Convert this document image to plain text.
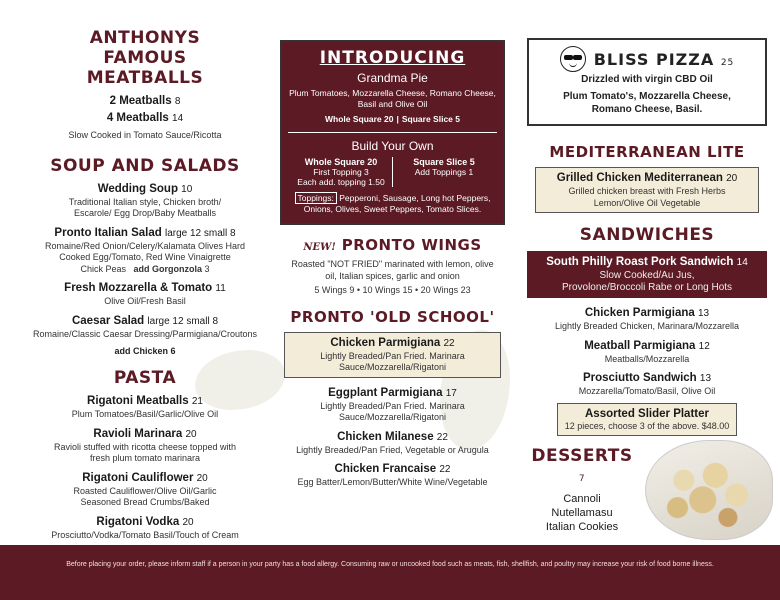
ANTHONYS FAMOUS MEATBALLS
2 Meatballs 8
4 Meatballs 14
Slow Cooked in Tomato Sauce/Ricotta
SOUP AND SALADS
Wedding Soup 10
Traditional Italian style, Chicken broth/ Escarole/ Egg Drop/Baby Meatballs
Pronto Italian Salad large 12 small 8
Romaine/Red Onion/Celery/Kalamata Olives Hard Cooked Egg/Tomato, Red Wine Vinaigrette
Chick Peas add Gorgonzola 3
Fresh Mozzarella & Tomato 11
Olive Oil/Fresh Basil
Caesar Salad large 12 small 8
Romaine/Classic Caesar Dressing/Parmigiana/Croutons
add Chicken 6
PASTA
Rigatoni Meatballs 21
Plum Tomatoes/Basil/Garlic/Olive Oil
Ravioli Marinara 20
Ravioli stuffed with ricotta cheese topped with fresh plum tomato marinara
Rigatoni Cauliflower 20
Roasted Cauliflower/Olive Oil/Garlic Seasoned Bread Crumbs/Baked
Rigatoni Vodka 20
Prosciutto/Vodka/Tomato Basil/Touch of Cream
INTRODUCING
Grandma Pie
Plum Tomatoes, Mozzarella Cheese, Romano Cheese, Basil and Olive Oil
Whole Square 20 | Square Slice 5
Build Your Own
Whole Square 20
First Topping 3
Each add. topping 1.50
Square Slice 5
Add Toppings 1
Toppings: Pepperoni, Sausage, Long hot Peppers, Onions, Olives, Sweet Peppers, Tomato Slices.
NEW! PRONTO WINGS
Roasted "NOT FRIED" marinated with lemon, olive oil, Italian spices, garlic and onion
5 Wings 9 • 10 Wings 15 • 20 Wings 23
PRONTO 'OLD SCHOOL'
Chicken Parmigiana 22
Lightly Breaded/Pan Fried. Marinara Sauce/Mozzarella/Rigatoni
Eggplant Parmigiana 17
Lightly Breaded/Pan Fried. Marinara Sauce/Mozzarella/Rigatoni
Chicken Milanese 22
Lightly Breaded/Pan Fried, Vegetable or Arugula
Chicken Francaise 22
Egg Batter/Lemon/Butter/White Wine/Vegetable
BLISS PIZZA 25
Drizzled with virgin CBD Oil
Plum Tomato's, Mozzarella Cheese, Romano Cheese, Basil.
MEDITERRANEAN LITE
Grilled Chicken Mediterranean 20
Grilled chicken breast with Fresh Herbs Lemon/Olive Oil Vegetable
SANDWICHES
South Philly Roast Pork Sandwich 14
Slow Cooked/Au Jus, Provolone/Broccoli Rabe or Long Hots
Chicken Parmigiana 13
Lightly Breaded Chicken, Marinara/Mozzarella
Meatball Parmigiana 12
Meatballs/Mozzarella
Prosciutto Sandwich 13
Mozzarella/Tomato/Basil, Olive Oil
Assorted Slider Platter
12 pieces, choose 3 of the above. $48.00
DESSERTS 7
Cannoli
Nutellamasu
Italian Cookies
Before placing your order, please inform staff if a person in your party has a food allergy. Consuming raw or uncooked food such as meats, fish, shellfish, and poultry may increase your risk of food borne illness.
